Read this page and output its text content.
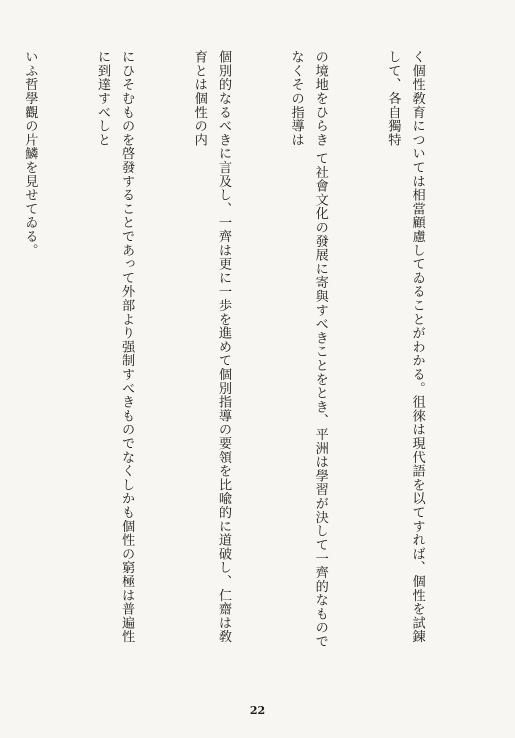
く個性敎育については相當顧慮してゐることがわかる。徂徠は現代語を以てすれば、個性を試錬して、各自獨特

の境地をひらき て社會文化の發展に寄與すべきことをとき、平洲は學習が決して一齊的なものでなくその指導は

個別的なるべきに言及し、一齊は更に一歩を進めて個別指導の要領を比喩的に道破し、仁齋は敎育とは個性の内

にひそむものを啓發することであって外部より强制すべきものでなくしかも個性の窮極は普遍性に到達すべしと

いふ哲學觀の片鱗を見せてゐる。

22
